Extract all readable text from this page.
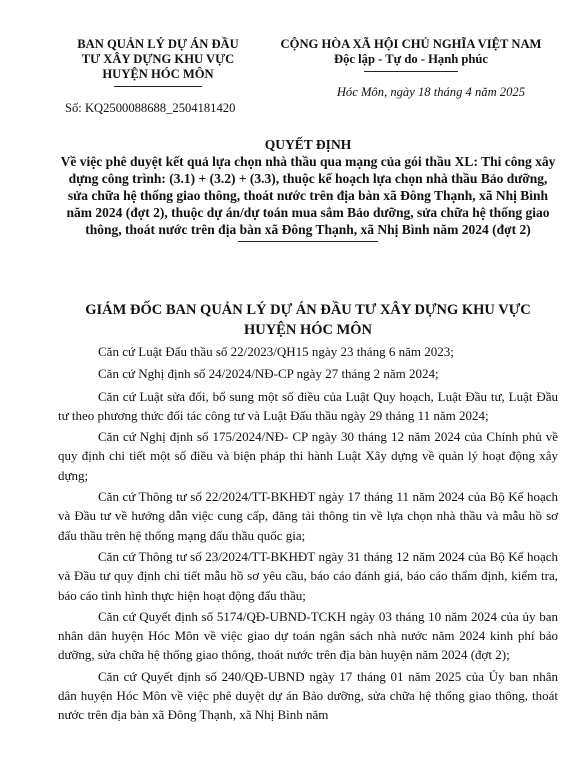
BAN QUẢN LÝ DỰ ÁN ĐẦU
TƯ XÂY DỰNG KHU VỰC
HUYỆN HÓC MÔN
CỘNG HÒA XÃ HỘI CHỦ NGHĨA VIỆT NAM
Độc lập - Tự do - Hạnh phúc
Hóc Môn, ngày 18 tháng 4 năm 2025
Số: KQ2500088688_2504181420
QUYẾT ĐỊNH
Về việc phê duyệt kết quả lựa chọn nhà thầu qua mạng của gói thầu XL: Thi công xây dựng công trình: (3.1) + (3.2) + (3.3), thuộc kế hoạch lựa chọn nhà thầu Bảo dưỡng, sửa chữa hệ thống giao thông, thoát nước trên địa bàn xã Đông Thạnh, xã Nhị Bình năm 2024 (đợt 2), thuộc dự án/dự toán mua sắm Bảo dưỡng, sửa chữa hệ thống giao thông, thoát nước trên địa bàn xã Đông Thạnh, xã Nhị Bình năm 2024 (đợt 2)
GIÁM ĐỐC BAN QUẢN LÝ DỰ ÁN ĐẦU TƯ XÂY DỰNG KHU VỰC
HUYỆN HÓC MÔN

Căn cứ Luật Đấu thầu số 22/2023/QH15 ngày 23 tháng 6 năm 2023;

Căn cứ Nghị định số 24/2024/NĐ-CP ngày 27 tháng 2 năm 2024;

Căn cứ Luật sửa đổi, bổ sung một số điều của Luật Quy hoạch, Luật Đầu tư, Luật Đầu tư theo phương thức đối tác công tư và Luật Đấu thầu ngày 29 tháng 11 năm 2024;

Căn cứ Nghị định số 175/2024/NĐ- CP ngày 30 tháng 12 năm 2024 của Chính phủ về quy định chi tiết một số điều và biện pháp thi hành Luật Xây dựng về quản lý hoạt động xây dựng;

Căn cứ Thông tư số 22/2024/TT-BKHĐT ngày 17 tháng 11 năm 2024 của Bộ Kế hoạch và Đầu tư về hướng dẫn việc cung cấp, đăng tải thông tin về lựa chọn nhà thầu và mẫu hồ sơ đấu thầu trên hệ thống mạng đấu thầu quốc gia;

Căn cứ Thông tư số 23/2024/TT-BKHĐT ngày 31 tháng 12 năm 2024 của Bộ Kế hoạch và Đầu tư quy định chi tiết mẫu hồ sơ yêu cầu, báo cáo đánh giá, báo cáo thẩm định, kiểm tra, báo cáo tình hình thực hiện hoạt động đấu thầu;

Căn cứ Quyết định số 5174/QĐ-UBND-TCKH ngày 03 tháng 10 năm 2024 của ủy ban nhân dân huyện Hóc Môn về việc giao dự toán ngân sách nhà nước năm 2024 kinh phí bảo dưỡng, sửa chữa hệ thống giao thông, thoát nước trên địa bàn huyện năm 2024 (đợt 2);

Căn cứ Quyết định số 240/QĐ-UBND ngày 17 tháng 01 năm 2025 của Ủy ban nhân dân huyện Hóc Môn về việc phê duyệt dự án Bảo dưỡng, sửa chữa hệ thống giao thông, thoát nước trên địa bàn xã Đông Thạnh, xã Nhị Bình năm
